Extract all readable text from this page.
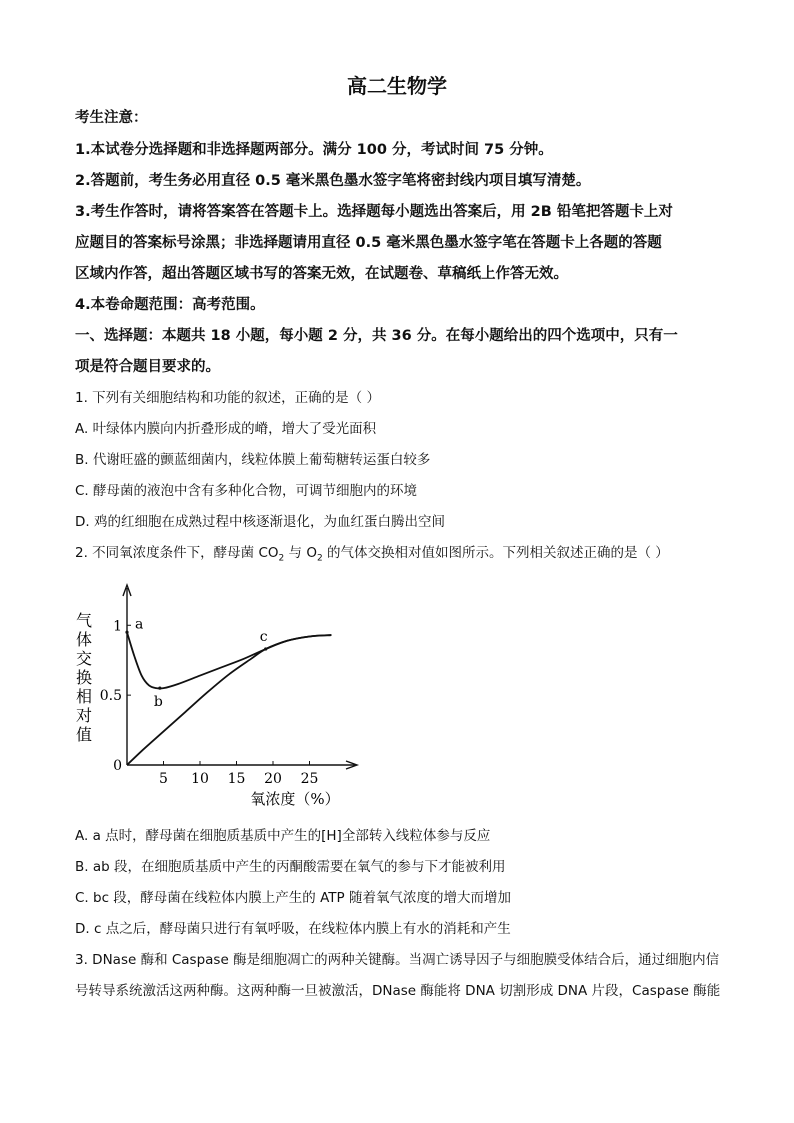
高二生物学
考生注意：
1.本试卷分选择题和非选择题两部分。满分 100 分，考试时间 75 分钟。
2.答题前，考生务必用直径 0.5 毫米黑色墨水签字笔将密封线内项目填写清楚。
3.考生作答时，请将答案答在答题卡上。选择题每小题选出答案后，用 2B 铅笔把答题卡上对
应题目的答案标号涂黑；非选择题请用直径 0.5 毫米黑色墨水签字笔在答题卡上各题的答题
区域内作答，超出答题区域书写的答案无效，在试题卷、草稿纸上作答无效。
4.本卷命题范围：高考范围。
一、选择题：本题共 18 小题，每小题 2 分，共 36 分。在每小题给出的四个选项中，只有一
项是符合题目要求的。
1. 下列有关细胞结构和功能的叙述，正确的是（ ）
A. 叶绿体内膜向内折叠形成的嵴，增大了受光面积
B. 代谢旺盛的颤蓝细菌内，线粒体膜上葡萄糖转运蛋白较多
C. 酵母菌的液泡中含有多种化合物，可调节细胞内的环境
D. 鸡的红细胞在成熟过程中核逐渐退化，为血红蛋白腾出空间
2. 不同氧浓度条件下，酵母菌 $CO_2$ 与 $O_2$ 的气体交换相对值如图所示。下列相关叙述正确的是（ ）
5 10 15 20 25
0
0.5
1 a
b
c
气体交换相对值
氧浓度（%）
A. a 点时，酵母菌在细胞质基质中产生的[H]全部转入线粒体参与反应
B. ab 段，在细胞质基质中产生的丙酮酸需要在氧气的参与下才能被利用
C. bc 段，酵母菌在线粒体内膜上产生的 ATP 随着氧气浓度的增大而增加
D. c 点之后，酵母菌只进行有氧呼吸，在线粒体内膜上有水的消耗和产生
3. DNase 酶和 Caspase 酶是细胞凋亡的两种关键酶。当凋亡诱导因子与细胞膜受体结合后，通过细胞内信
号转导系统激活这两种酶。这两种酶一旦被激活，DNase 酶能将 DNA 切割形成 DNA 片段，Caspase 酶能
